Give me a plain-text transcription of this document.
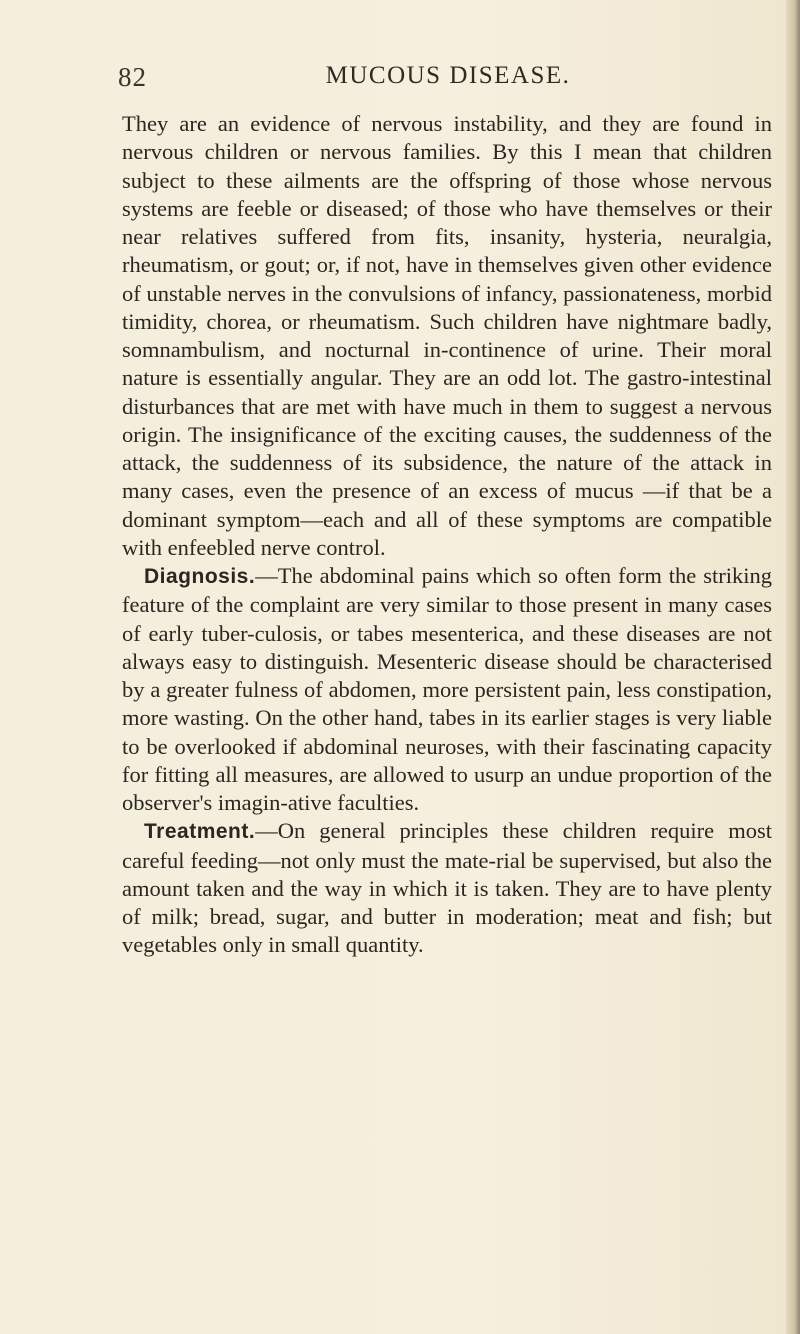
82	MUCOUS DISEASE.

They are an evidence of nervous instability, and they are found in nervous children or nervous families. By this I mean that children subject to these ailments are the offspring of those whose nervous systems are feeble or diseased; of those who have themselves or their near relatives suffered from fits, insanity, hysteria, neuralgia, rheumatism, or gout; or, if not, have in themselves given other evidence of unstable nerves in the convulsions of infancy, passionateness, morbid timidity, chorea, or rheumatism. Such children have nightmare badly, somnambulism, and nocturnal in-continence of urine. Their moral nature is essentially angular. They are an odd lot. The gastro-intestinal disturbances that are met with have much in them to suggest a nervous origin. The insignificance of the exciting causes, the suddenness of the attack, the suddenness of its subsidence, the nature of the attack in many cases, even the presence of an excess of mucus —if that be a dominant symptom—each and all of these symptoms are compatible with enfeebled nerve control.

Diagnosis.—The abdominal pains which so often form the striking feature of the complaint are very similar to those present in many cases of early tuber-culosis, or tabes mesenterica, and these diseases are not always easy to distinguish. Mesenteric disease should be characterised by a greater fulness of abdomen, more persistent pain, less constipation, more wasting. On the other hand, tabes in its earlier stages is very liable to be overlooked if abdominal neuroses, with their fascinating capacity for fitting all measures, are allowed to usurp an undue proportion of the observer's imagin-ative faculties.

Treatment.—On general principles these children require most careful feeding—not only must the mate-rial be supervised, but also the amount taken and the way in which it is taken. They are to have plenty of milk; bread, sugar, and butter in moderation; meat and fish; but vegetables only in small quantity.
